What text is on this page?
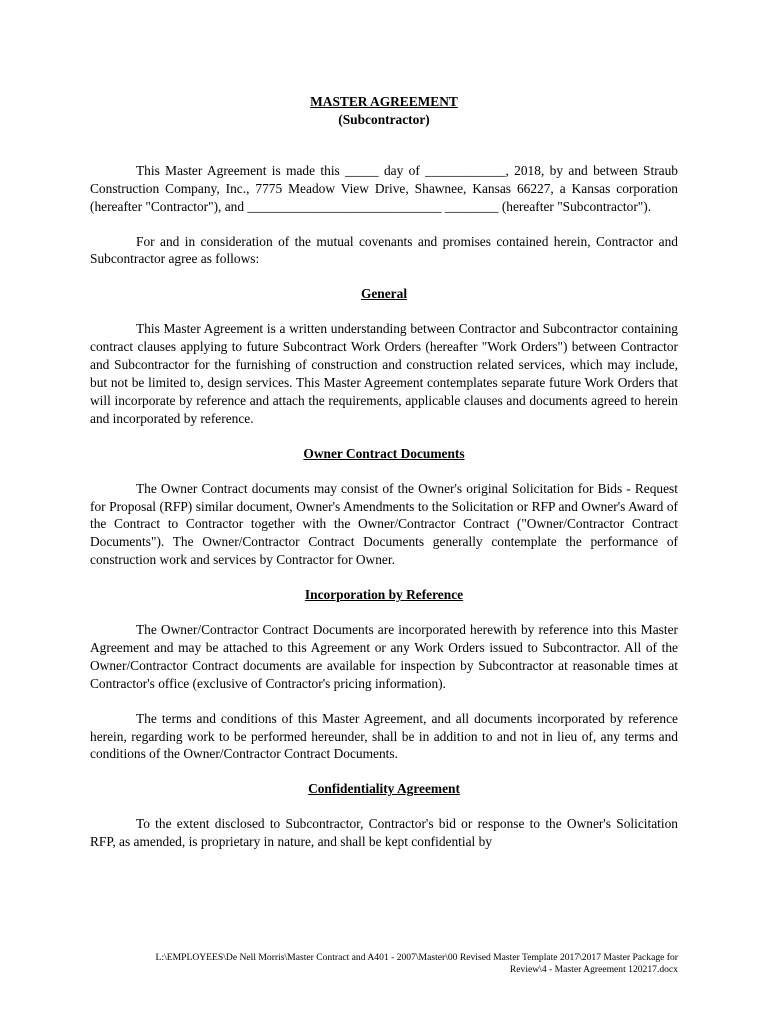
MASTER AGREEMENT

(Subcontractor)

This Master Agreement is made this _____ day of ____________, 2018, by and between Straub Construction Company, Inc., 7775 Meadow View Drive, Shawnee, Kansas 66227, a Kansas corporation (hereafter "Contractor"), and _____________________________ ________ (hereafter "Subcontractor").

For and in consideration of the mutual covenants and promises contained herein, Contractor and Subcontractor agree as follows:

General

This Master Agreement is a written understanding between Contractor and Subcontractor containing contract clauses applying to future Subcontract Work Orders (hereafter "Work Orders") between Contractor and Subcontractor for the furnishing of construction and construction related services, which may include, but not be limited to, design services. This Master Agreement contemplates separate future Work Orders that will incorporate by reference and attach the requirements, applicable clauses and documents agreed to herein and incorporated by reference.

Owner Contract Documents

The Owner Contract documents may consist of the Owner's original Solicitation for Bids - Request for Proposal (RFP) similar document, Owner's Amendments to the Solicitation or RFP and Owner's Award of the Contract to Contractor together with the Owner/Contractor Contract ("Owner/Contractor Contract Documents"). The Owner/Contractor Contract Documents generally contemplate the performance of construction work and services by Contractor for Owner.

Incorporation by Reference

The Owner/Contractor Contract Documents are incorporated herewith by reference into this Master Agreement and may be attached to this Agreement or any Work Orders issued to Subcontractor. All of the Owner/Contractor Contract documents are available for inspection by Subcontractor at reasonable times at Contractor's office (exclusive of Contractor's pricing information).

The terms and conditions of this Master Agreement, and all documents incorporated by reference herein, regarding work to be performed hereunder, shall be in addition to and not in lieu of, any terms and conditions of the Owner/Contractor Contract Documents.

Confidentiality Agreement

To the extent disclosed to Subcontractor, Contractor's bid or response to the Owner's Solicitation RFP, as amended, is proprietary in nature, and shall be kept confidential by

L:\EMPLOYEES\De Nell Morris\Master Contract and A401 - 2007\Master\00 Revised Master Template 2017\2017 Master Package for
Review\4 - Master Agreement 120217.docx
